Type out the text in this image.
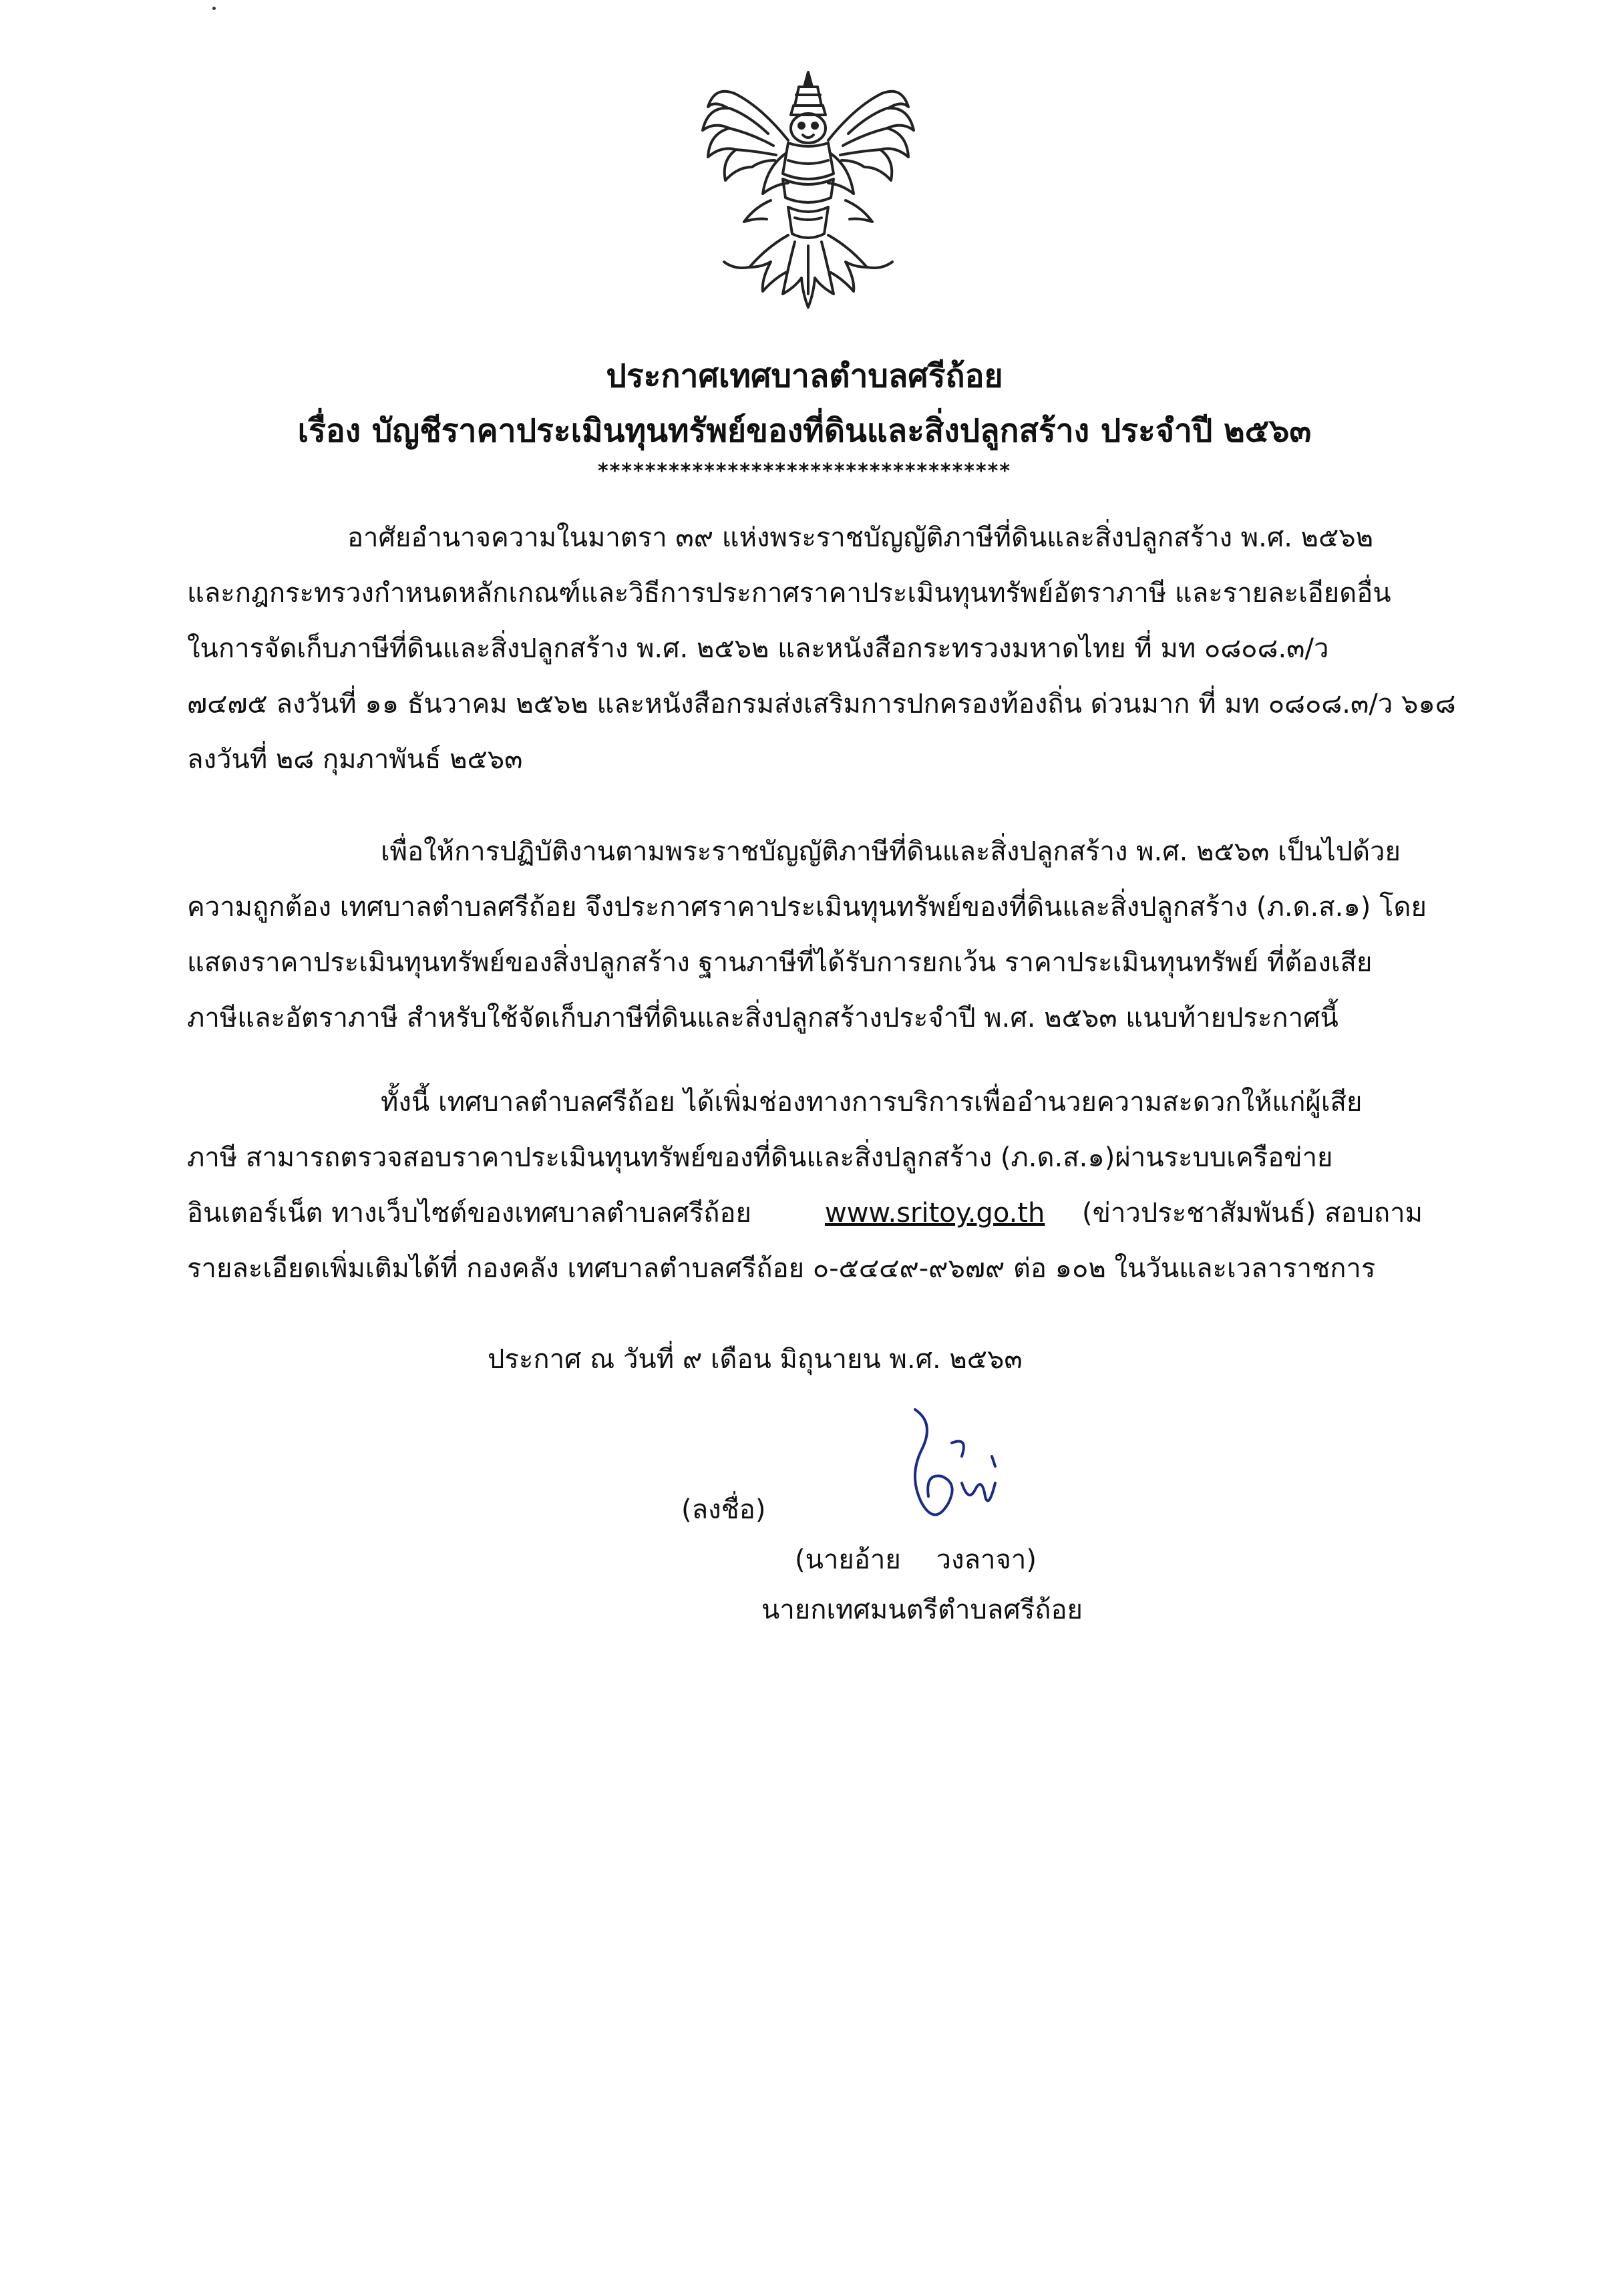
ประกาศเทศบาลตำบลศรีถ้อย
เรื่อง บัญชีราคาประเมินทุนทรัพย์ของที่ดินและสิ่งปลูกสร้าง ประจำปี ๒๕๖๓
***********************************
อาศัยอำนาจความในมาตรา ๓๙ แห่งพระราชบัญญัติภาษีที่ดินและสิ่งปลูกสร้าง พ.ศ. ๒๕๖๒
และกฎกระทรวงกำหนดหลักเกณฑ์และวิธีการประกาศราคาประเมินทุนทรัพย์อัตราภาษี และรายละเอียดอื่น
ในการจัดเก็บภาษีที่ดินและสิ่งปลูกสร้าง พ.ศ. ๒๕๖๒ และหนังสือกระทรวงมหาดไทย ที่ มท ๐๘๐๘.๓/ว
๗๔๗๕ ลงวันที่ ๑๑ ธันวาคม ๒๕๖๒ และหนังสือกรมส่งเสริมการปกครองท้องถิ่น ด่วนมาก ที่ มท ๐๘๐๘.๓/ว ๖๑๘
ลงวันที่ ๒๘ กุมภาพันธ์ ๒๕๖๓
เพื่อให้การปฏิบัติงานตามพระราชบัญญัติภาษีที่ดินและสิ่งปลูกสร้าง พ.ศ. ๒๕๖๓ เป็นไปด้วย
ความถูกต้อง เทศบาลตำบลศรีถ้อย จึงประกาศราคาประเมินทุนทรัพย์ของที่ดินและสิ่งปลูกสร้าง (ภ.ด.ส.๑) โดย
แสดงราคาประเมินทุนทรัพย์ของสิ่งปลูกสร้าง ฐานภาษีที่ได้รับการยกเว้น ราคาประเมินทุนทรัพย์ ที่ต้องเสีย
ภาษีและอัตราภาษี สำหรับใช้จัดเก็บภาษีที่ดินและสิ่งปลูกสร้างประจำปี พ.ศ. ๒๕๖๓ แนบท้ายประกาศนี้
ทั้งนี้ เทศบาลตำบลศรีถ้อย ได้เพิ่มช่องทางการบริการเพื่ออำนวยความสะดวกให้แก่ผู้เสีย
ภาษี สามารถตรวจสอบราคาประเมินทุนทรัพย์ของที่ดินและสิ่งปลูกสร้าง (ภ.ด.ส.๑)ผ่านระบบเครือข่าย
อินเตอร์เน็ต ทางเว็บไซต์ของเทศบาลตำบลศรีถ้อย	www.sritoy.go.th (ข่าวประชาสัมพันธ์) สอบถาม
รายละเอียดเพิ่มเติมได้ที่ กองคลัง เทศบาลตำบลศรีถ้อย ๐-๕๔๔๙-๙๖๗๙ ต่อ ๑๐๒ ในวันและเวลาราชการ
ประกาศ ณ วันที่ ๙ เดือน มิถุนายน พ.ศ. ๒๕๖๓
(ลงชื่อ)
(นายอ้าย วงลาจา)
นายกเทศมนตรีตำบลศรีถ้อย
